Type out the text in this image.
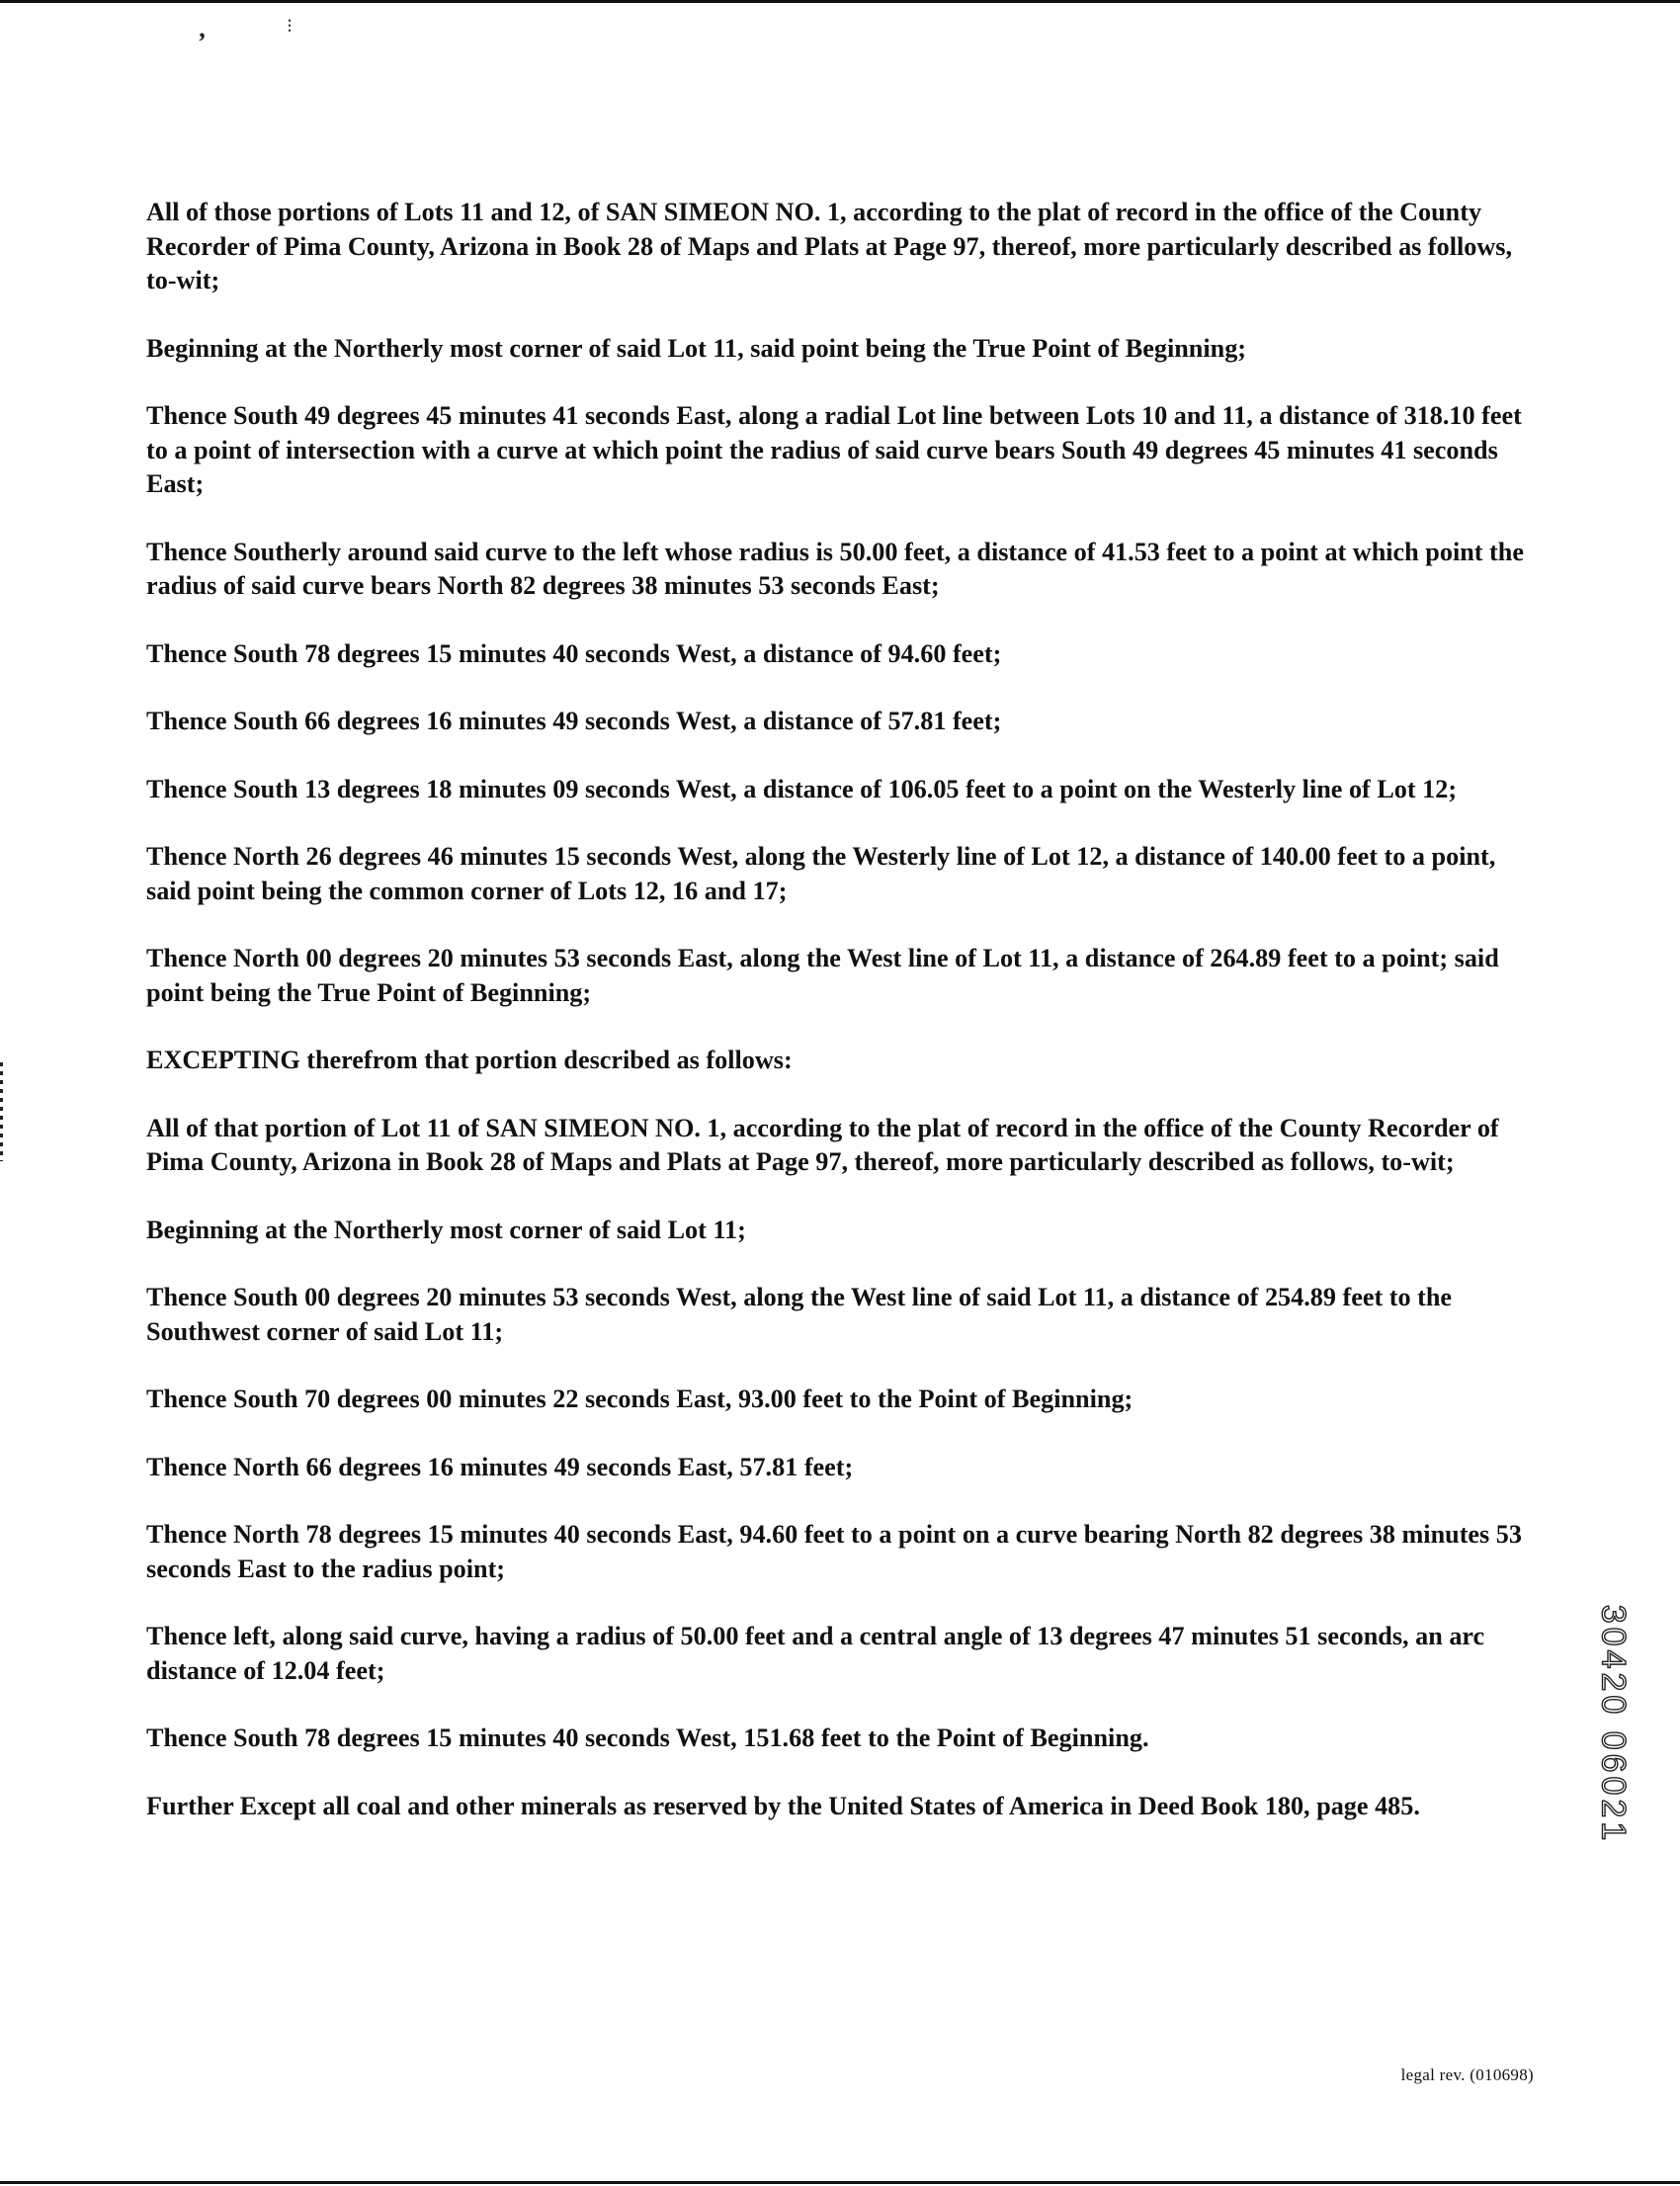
’
⋮

All of those portions of Lots 11 and 12, of SAN SIMEON NO. 1, according to the plat of record in the office of the County Recorder of Pima County, Arizona in Book 28 of Maps and Plats at Page 97, thereof, more particularly described as follows, to-wit;

Beginning at the Northerly most corner of said Lot 11, said point being the True Point of Beginning;

Thence South 49 degrees 45 minutes 41 seconds East, along a radial Lot line between Lots 10 and 11, a distance of 318.10 feet to a point of intersection with a curve at which point the radius of said curve bears South 49 degrees 45 minutes 41 seconds East;

Thence Southerly around said curve to the left whose radius is 50.00 feet, a distance of 41.53 feet to a point at which point the radius of said curve bears North 82 degrees 38 minutes 53 seconds East;

Thence South 78 degrees 15 minutes 40 seconds West, a distance of 94.60 feet;

Thence South 66 degrees 16 minutes 49 seconds West, a distance of 57.81 feet;

Thence South 13 degrees 18 minutes 09 seconds West, a distance of 106.05 feet to a point on the Westerly line of Lot 12;

Thence North 26 degrees 46 minutes 15 seconds West, along the Westerly line of Lot 12, a distance of 140.00 feet to a point, said point being the common corner of Lots 12, 16 and 17;

Thence North 00 degrees 20 minutes 53 seconds East, along the West line of Lot 11, a distance of 264.89 feet to a point; said point being the True Point of Beginning;

EXCEPTING therefrom that portion described as follows:

All of that portion of Lot 11 of SAN SIMEON NO. 1, according to the plat of record in the office of the County Recorder of Pima County, Arizona in Book 28 of Maps and Plats at Page 97, thereof, more particularly described as follows, to-wit;

Beginning at the Northerly most corner of said Lot 11;

Thence South 00 degrees 20 minutes 53 seconds West, along the West line of said Lot 11, a distance of 254.89 feet to the Southwest corner of said Lot 11;

Thence South 70 degrees 00 minutes 22 seconds East, 93.00 feet to the Point of Beginning;

Thence North 66 degrees 16 minutes 49 seconds East, 57.81 feet;

Thence North 78 degrees 15 minutes 40 seconds East, 94.60 feet to a point on a curve bearing North 82 degrees 38 minutes 53 seconds East to the radius point;

Thence left, along said curve, having a radius of 50.00 feet and a central angle of 13 degrees 47 minutes 51 seconds, an arc distance of 12.04 feet;

Thence South 78 degrees 15 minutes 40 seconds West, 151.68 feet to the Point of Beginning.

Further Except all coal and other minerals as reserved by the United States of America in Deed Book 180, page 485.	30420 06021
legal rev. (010698)
